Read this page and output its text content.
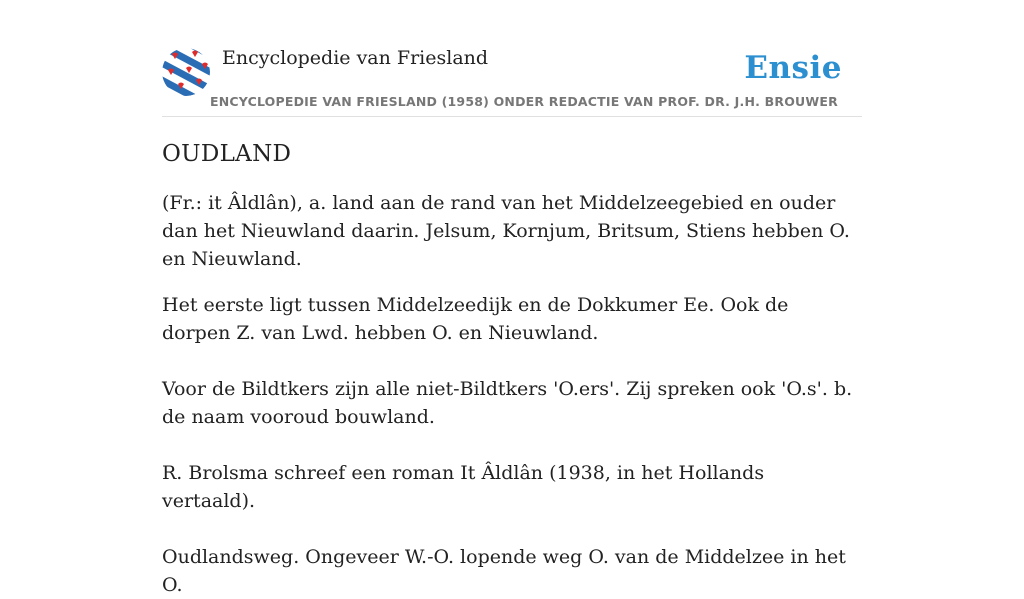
Encyclopedie van Friesland	Ensie
ENCYCLOPEDIE VAN FRIESLAND (1958) ONDER REDACTIE VAN PROF. DR. J.H. BROUWER
OUDLAND

(Fr.: it Âldlân), a. land aan de rand van het Middelzeegebied en ouder dan het Nieuwland daarin. Jelsum, Kornjum, Britsum, Stiens hebben O. en Nieuwland.

Het eerste ligt tussen Middelzeedijk en de Dokkumer Ee. Ook de dorpen Z. van Lwd. hebben O. en Nieuwland.

Voor de Bildtkers zijn alle niet-Bildtkers 'O.ers'. Zij spreken ook 'O.s'. b. de naam vooroud bouwland.

R. Brolsma schreef een roman It Âldlân (1938, in het Hollands vertaald).

Oudlandsweg. Ongeveer W.-O. lopende weg O. van de Middelzee in het O.
